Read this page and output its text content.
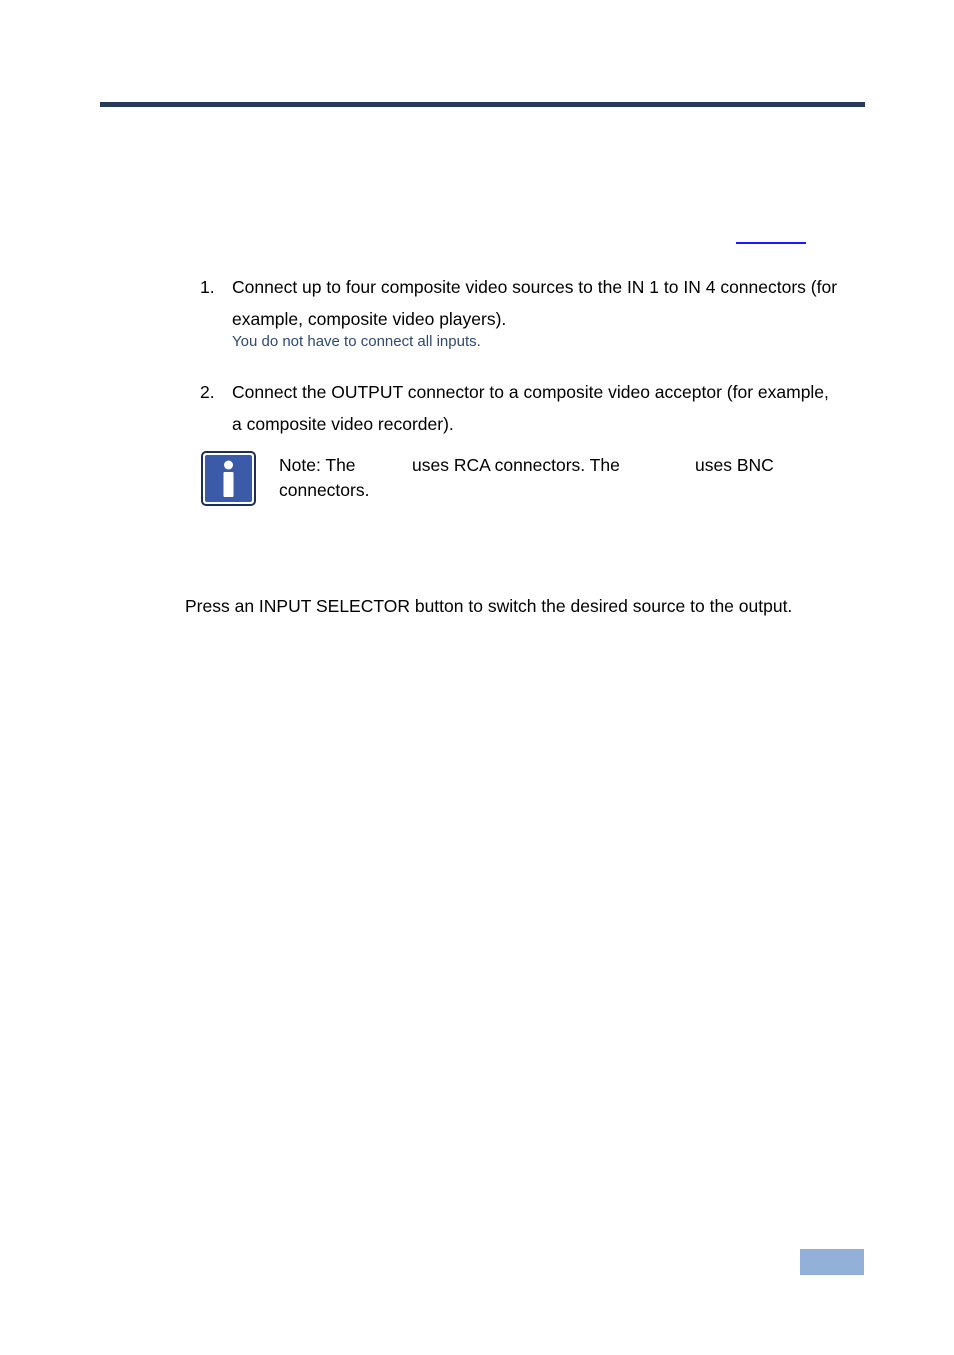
1. Connect up to four composite video sources to the IN 1 to IN 4 connectors (for example, composite video players).
You do not have to connect all inputs.
2. Connect the OUTPUT connector to a composite video acceptor (for example, a composite video recorder).
Note: The	uses RCA connectors. The	uses BNC
connectors.
Press an INPUT SELECTOR button to switch the desired source to the output.
